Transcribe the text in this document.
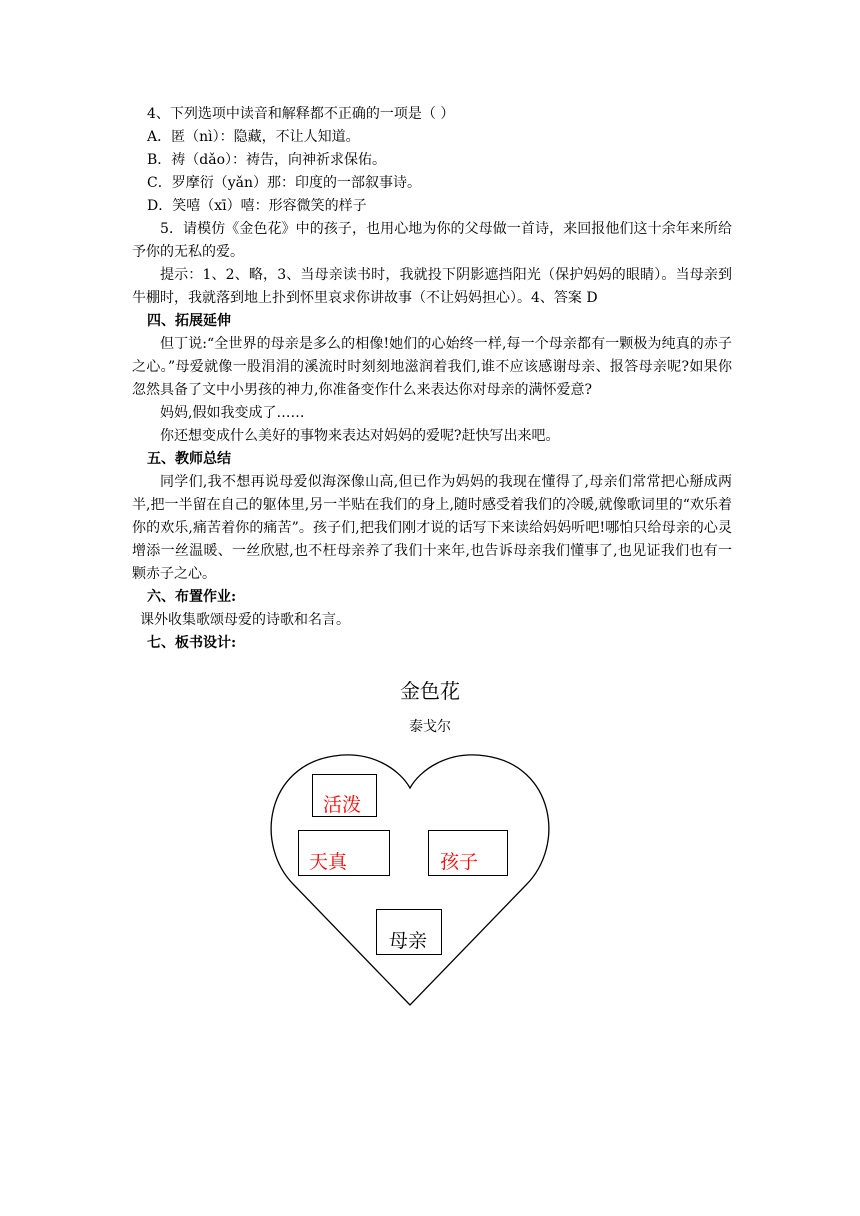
4、下列选项中读音和解释都不正确的一项是（ ）

A．匿（nì）：隐藏，不让人知道。

B．祷（dǎo）：祷告，向神祈求保佑。

C．罗摩衍（yǎn）那：印度的一部叙事诗。

D．笑嘻（xī）嘻：形容微笑的样子

5．请模仿《金色花》中的孩子，也用心地为你的父母做一首诗，来回报他们这十余年来所给予你的无私的爱。

提示：1、2、略，3、当母亲读书时，我就投下阴影遮挡阳光（保护妈妈的眼睛）。当母亲到牛棚时，我就落到地上扑到怀里哀求你讲故事（不让妈妈担心）。4、答案 D

四、拓展延伸

但丁说:“全世界的母亲是多么的相像!她们的心始终一样,每一个母亲都有一颗极为纯真的赤子之心。”母爱就像一股涓涓的溪流时时刻刻地滋润着我们,谁不应该感谢母亲、报答母亲呢?如果你忽然具备了文中小男孩的神力,你准备变作什么来表达你对母亲的满怀爱意?

妈妈,假如我变成了……

你还想变成什么美好的事物来表达对妈妈的爱呢?赶快写出来吧。

五、教师总结

同学们,我不想再说母爱似海深像山高,但已作为妈妈的我现在懂得了,母亲们常常把心掰成两半,把一半留在自己的躯体里,另一半贴在我们的身上,随时感受着我们的冷暖,就像歌词里的“欢乐着你的欢乐,痛苦着你的痛苦”。孩子们,把我们刚才说的话写下来读给妈妈听吧!哪怕只给母亲的心灵增添一丝温暖、一丝欣慰,也不枉母亲养了我们十来年,也告诉母亲我们懂事了,也见证我们也有一颗赤子之心。

六、布置作业:

课外收集歌颂母爱的诗歌和名言。

七、板书设计:

金色花
泰戈尔
活泼
天真	孩子
母亲
